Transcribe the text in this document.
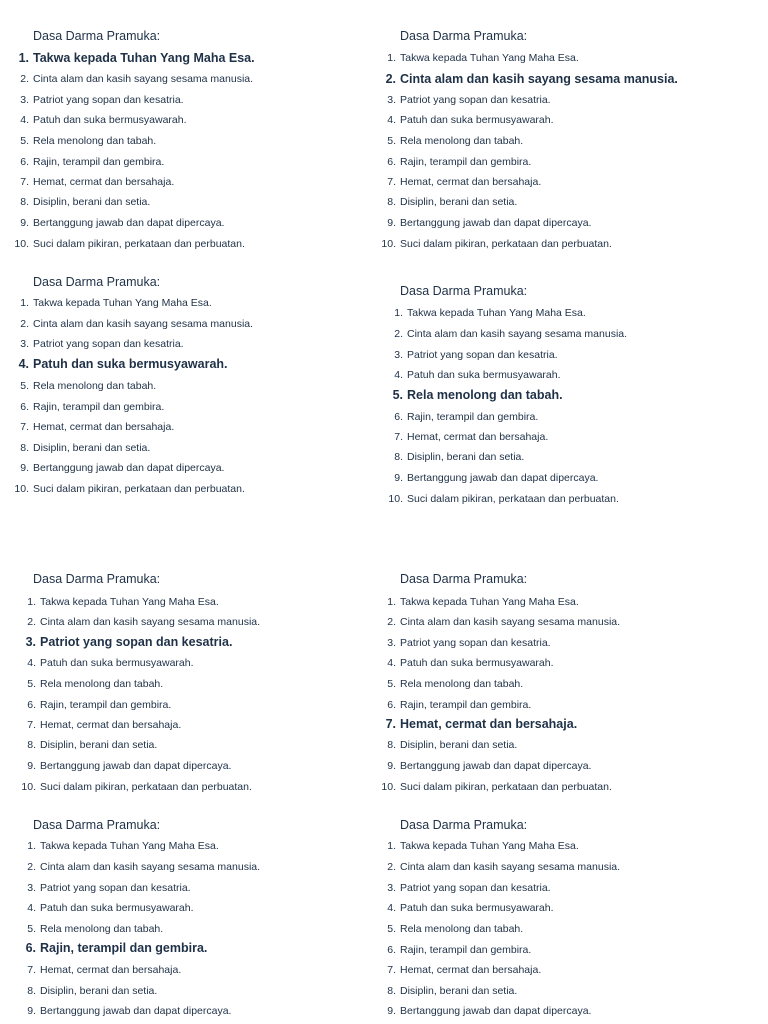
Dasa Darma Pramuka:
1. Takwa kepada Tuhan Yang Maha Esa.
2. Cinta alam dan kasih sayang sesama manusia.
3. Patriot yang sopan dan kesatria.
4. Patuh dan suka bermusyawarah.
5. Rela menolong dan tabah.
6. Rajin, terampil dan gembira.
7. Hemat, cermat dan bersahaja.
8. Disiplin, berani dan setia.
9. Bertanggung jawab dan dapat dipercaya.
10. Suci dalam pikiran, perkataan dan perbuatan.
Dasa Darma Pramuka:
1. Takwa kepada Tuhan Yang Maha Esa.
2. Cinta alam dan kasih sayang sesama manusia.
3. Patriot yang sopan dan kesatria.
4. Patuh dan suka bermusyawarah.
5. Rela menolong dan tabah.
6. Rajin, terampil dan gembira.
7. Hemat, cermat dan bersahaja.
8. Disiplin, berani dan setia.
9. Bertanggung jawab dan dapat dipercaya.
10. Suci dalam pikiran, perkataan dan perbuatan.
Dasa Darma Pramuka:
1. Takwa kepada Tuhan Yang Maha Esa.
2. Cinta alam dan kasih sayang sesama manusia.
3. Patriot yang sopan dan kesatria.
4. Patuh dan suka bermusyawarah.
5. Rela menolong dan tabah.
6. Rajin, terampil dan gembira.
7. Hemat, cermat dan bersahaja.
8. Disiplin, berani dan setia.
9. Bertanggung jawab dan dapat dipercaya.
10. Suci dalam pikiran, perkataan dan perbuatan.
Dasa Darma Pramuka:
1. Takwa kepada Tuhan Yang Maha Esa.
2. Cinta alam dan kasih sayang sesama manusia.
3. Patriot yang sopan dan kesatria.
4. Patuh dan suka bermusyawarah.
5. Rela menolong dan tabah.
6. Rajin, terampil dan gembira.
7. Hemat, cermat dan bersahaja.
8. Disiplin, berani dan setia.
9. Bertanggung jawab dan dapat dipercaya.
10. Suci dalam pikiran, perkataan dan perbuatan.
Dasa Darma Pramuka:
1. Takwa kepada Tuhan Yang Maha Esa.
2. Cinta alam dan kasih sayang sesama manusia.
3. Patriot yang sopan dan kesatria.
4. Patuh dan suka bermusyawarah.
5. Rela menolong dan tabah.
6. Rajin, terampil dan gembira.
7. Hemat, cermat dan bersahaja.
8. Disiplin, berani dan setia.
9. Bertanggung jawab dan dapat dipercaya.
10. Suci dalam pikiran, perkataan dan perbuatan.
Dasa Darma Pramuka:
1. Takwa kepada Tuhan Yang Maha Esa.
2. Cinta alam dan kasih sayang sesama manusia.
3. Patriot yang sopan dan kesatria.
4. Patuh dan suka bermusyawarah.
5. Rela menolong dan tabah.
6. Rajin, terampil dan gembira.
7. Hemat, cermat dan bersahaja.
8. Disiplin, berani dan setia.
9. Bertanggung jawab dan dapat dipercaya.
10. Suci dalam pikiran, perkataan dan perbuatan.
Dasa Darma Pramuka:
1. Takwa kepada Tuhan Yang Maha Esa.
2. Cinta alam dan kasih sayang sesama manusia.
3. Patriot yang sopan dan kesatria.
4. Patuh dan suka bermusyawarah.
5. Rela menolong dan tabah.
6. Rajin, terampil dan gembira.
7. Hemat, cermat dan bersahaja.
8. Disiplin, berani dan setia.
9. Bertanggung jawab dan dapat dipercaya.
Dasa Darma Pramuka:
1. Takwa kepada Tuhan Yang Maha Esa.
2. Cinta alam dan kasih sayang sesama manusia.
3. Patriot yang sopan dan kesatria.
4. Patuh dan suka bermusyawarah.
5. Rela menolong dan tabah.
6. Rajin, terampil dan gembira.
7. Hemat, cermat dan bersahaja.
8. Disiplin, berani dan setia.
9. Bertanggung jawab dan dapat dipercaya.
